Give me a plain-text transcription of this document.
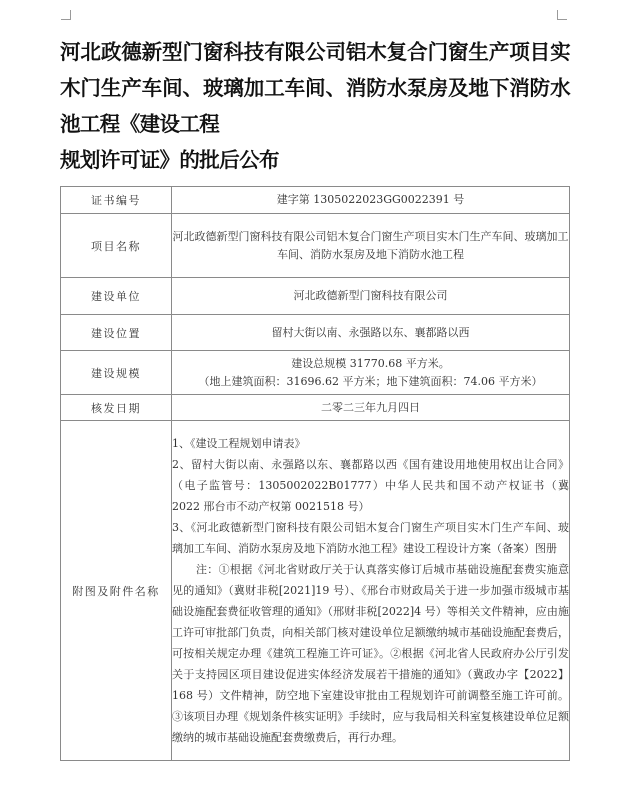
河北政德新型门窗科技有限公司铝木复合门窗生产项目实木门生产车间、玻璃加工车间、消防水泵房及地下消防水池工程《建设工程
规划许可证》的批后公布
证书编号	建字第 1305022023GG0022391 号
项目名称	河北政德新型门窗科技有限公司铝木复合门窗生产项目实木门生产车间、玻璃加工车间、消防水泵房及地下消防水池工程
建设单位	河北政德新型门窗科技有限公司
建设位置	留村大街以南、永强路以东、襄都路以西
建设规模	建设总规模 31770.68 平方米。
（地上建筑面积：31696.62 平方米；地下建筑面积：74.06 平方米）

核发日期	二零二三年九月四日
附图及附件名称	1、《建设工程规划申请表》

2、留村大街以南、永强路以东、襄都路以西《国有建设用地使用权出让合同》（电子监管号：1305002022B01777）中华人民共和国不动产权证书（冀 2022 邢台市不动产权第 0021518 号）

3、《河北政德新型门窗科技有限公司铝木复合门窗生产项目实木门生产车间、玻璃加工车间、消防水泵房及地下消防水池工程》建设工程设计方案（备案）图册

注：①根据《河北省财政厅关于认真落实修订后城市基础设施配套费实施意见的通知》（冀财非税[2021]19 号）、《邢台市财政局关于进一步加强市级城市基础设施配套费征收管理的通知》（邢财非税[2022]4 号）等相关文件精神，应由施工许可审批部门负责，向相关部门核对建设单位足额缴纳城市基础设施配套费后，可按相关规定办理《建筑工程施工许可证》。②根据《河北省人民政府办公厅引发关于支持园区项目建设促进实体经济发展若干措施的通知》（冀政办字【2022】168 号）文件精神，防空地下室建设审批由工程规划许可前调整至施工许可前。③该项目办理《规划条件核实证明》手续时，应与我局相关科室复核建设单位足额缴纳的城市基础设施配套费缴费后，再行办理。
